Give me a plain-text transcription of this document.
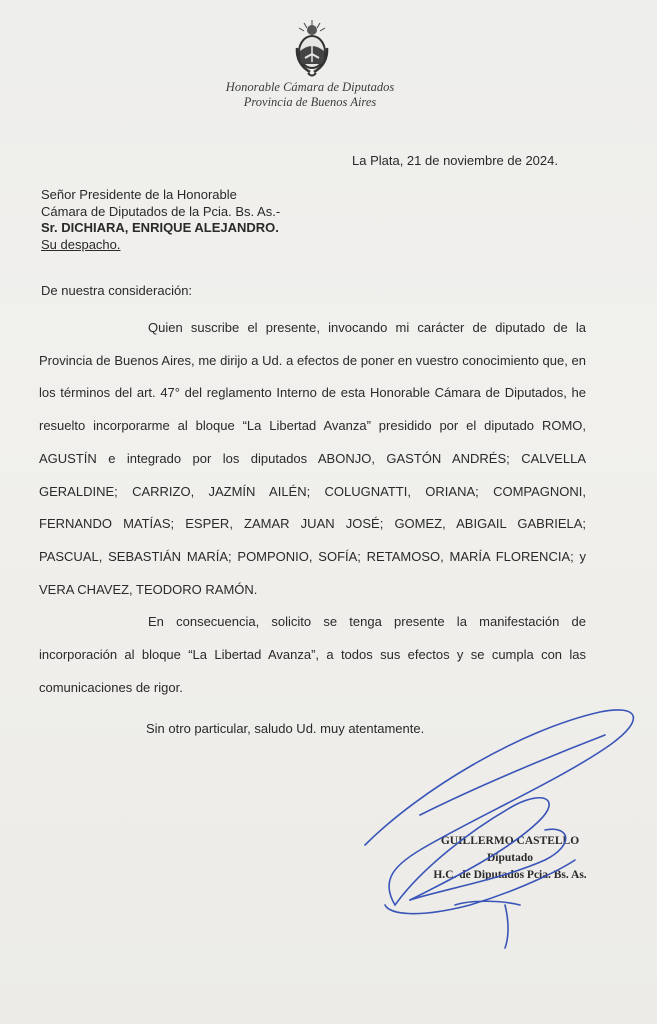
Honorable Cámara de Diputados
Provincia de Buenos Aires
La Plata, 21 de noviembre de 2024.
Señor Presidente de la Honorable
Cámara de Diputados de la Pcia. Bs. As.-
Sr. DICHIARA, ENRIQUE ALEJANDRO.
Su despacho.
De nuestra consideración:

Quien suscribe el presente, invocando mi carácter de diputado de la Provincia de Buenos Aires, me dirijo a Ud. a efectos de poner en vuestro conocimiento que, en los términos del art. 47° del reglamento Interno de esta Honorable Cámara de Diputados, he resuelto incorporarme al bloque “La Libertad Avanza” presidido por el diputado ROMO, AGUSTÍN e integrado por los diputados ABONJO, GASTÓN ANDRÉS; CALVELLA GERALDINE; CARRIZO, JAZMÍN AILÉN; COLUGNATTI, ORIANA; COMPAGNONI, FERNANDO MATÍAS; ESPER, ZAMAR JUAN JOSÉ; GOMEZ, ABIGAIL GABRIELA; PASCUAL, SEBASTIÁN MARÍA; POMPONIO, SOFÍA; RETAMOSO, MARÍA FLORENCIA; y VERA CHAVEZ, TEODORO RAMÓN.

En consecuencia, solicito se tenga presente la manifestación de incorporación al bloque “La Libertad Avanza”, a todos sus efectos y se cumpla con las comunicaciones de rigor.

Sin otro particular, saludo Ud. muy atentamente.
GUILLERMO CASTELLO
Diputado
H.C. de Diputados Pcia. Bs. As.
